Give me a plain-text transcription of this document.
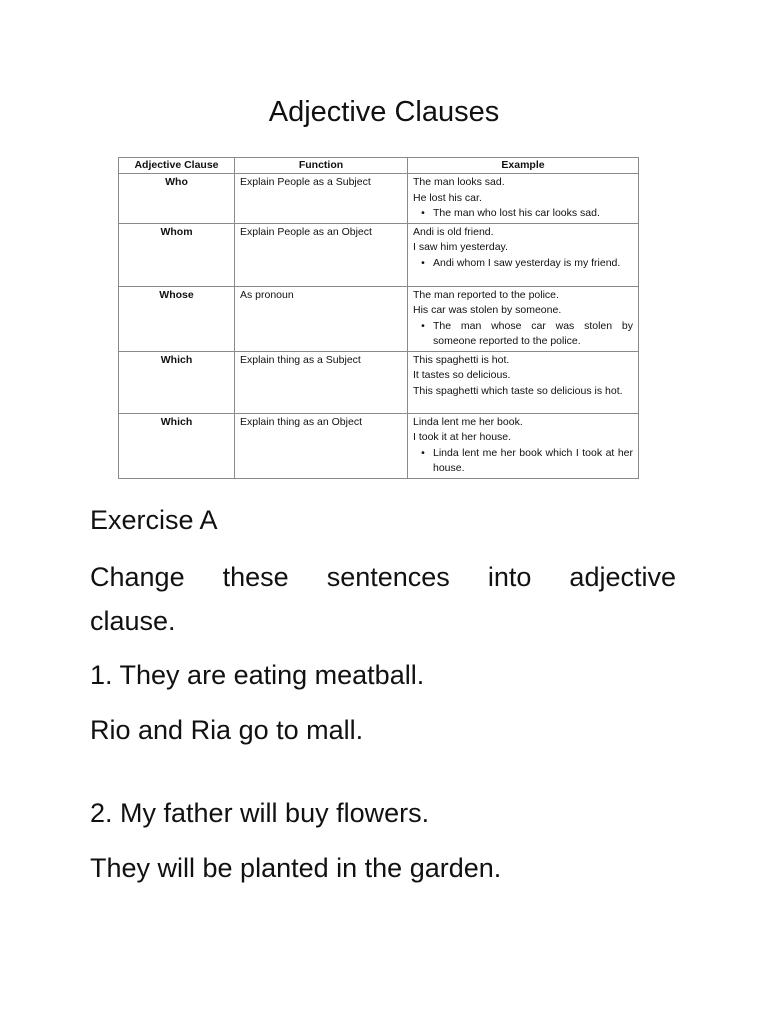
Adjective Clauses
Adjective Clause	Function	Example
Who	Explain People as a Subject	The man looks sad.
He lost his car.
• The man who lost his car looks sad.

Whom	Explain People as an Object	Andi is old friend.
I saw him yesterday.
• Andi whom I saw yesterday is my friend.

Whose	As pronoun	The man reported to the police.
His car was stolen by someone.
• The man whose car was stolen by someone reported to the police.

Which	Explain thing as a Subject	This spaghetti is hot.
It tastes so delicious.
This spaghetti which taste so delicious is hot.

Which	Explain thing as an Object	Linda lent me her book.
I took it at her house.
• Linda lent me her book which I took at her house.
Exercise A
Change these sentences into adjective
clause.
1. They are eating meatball.
Rio and Ria go to mall.
2. My father will buy flowers.
They will be planted in the garden.
